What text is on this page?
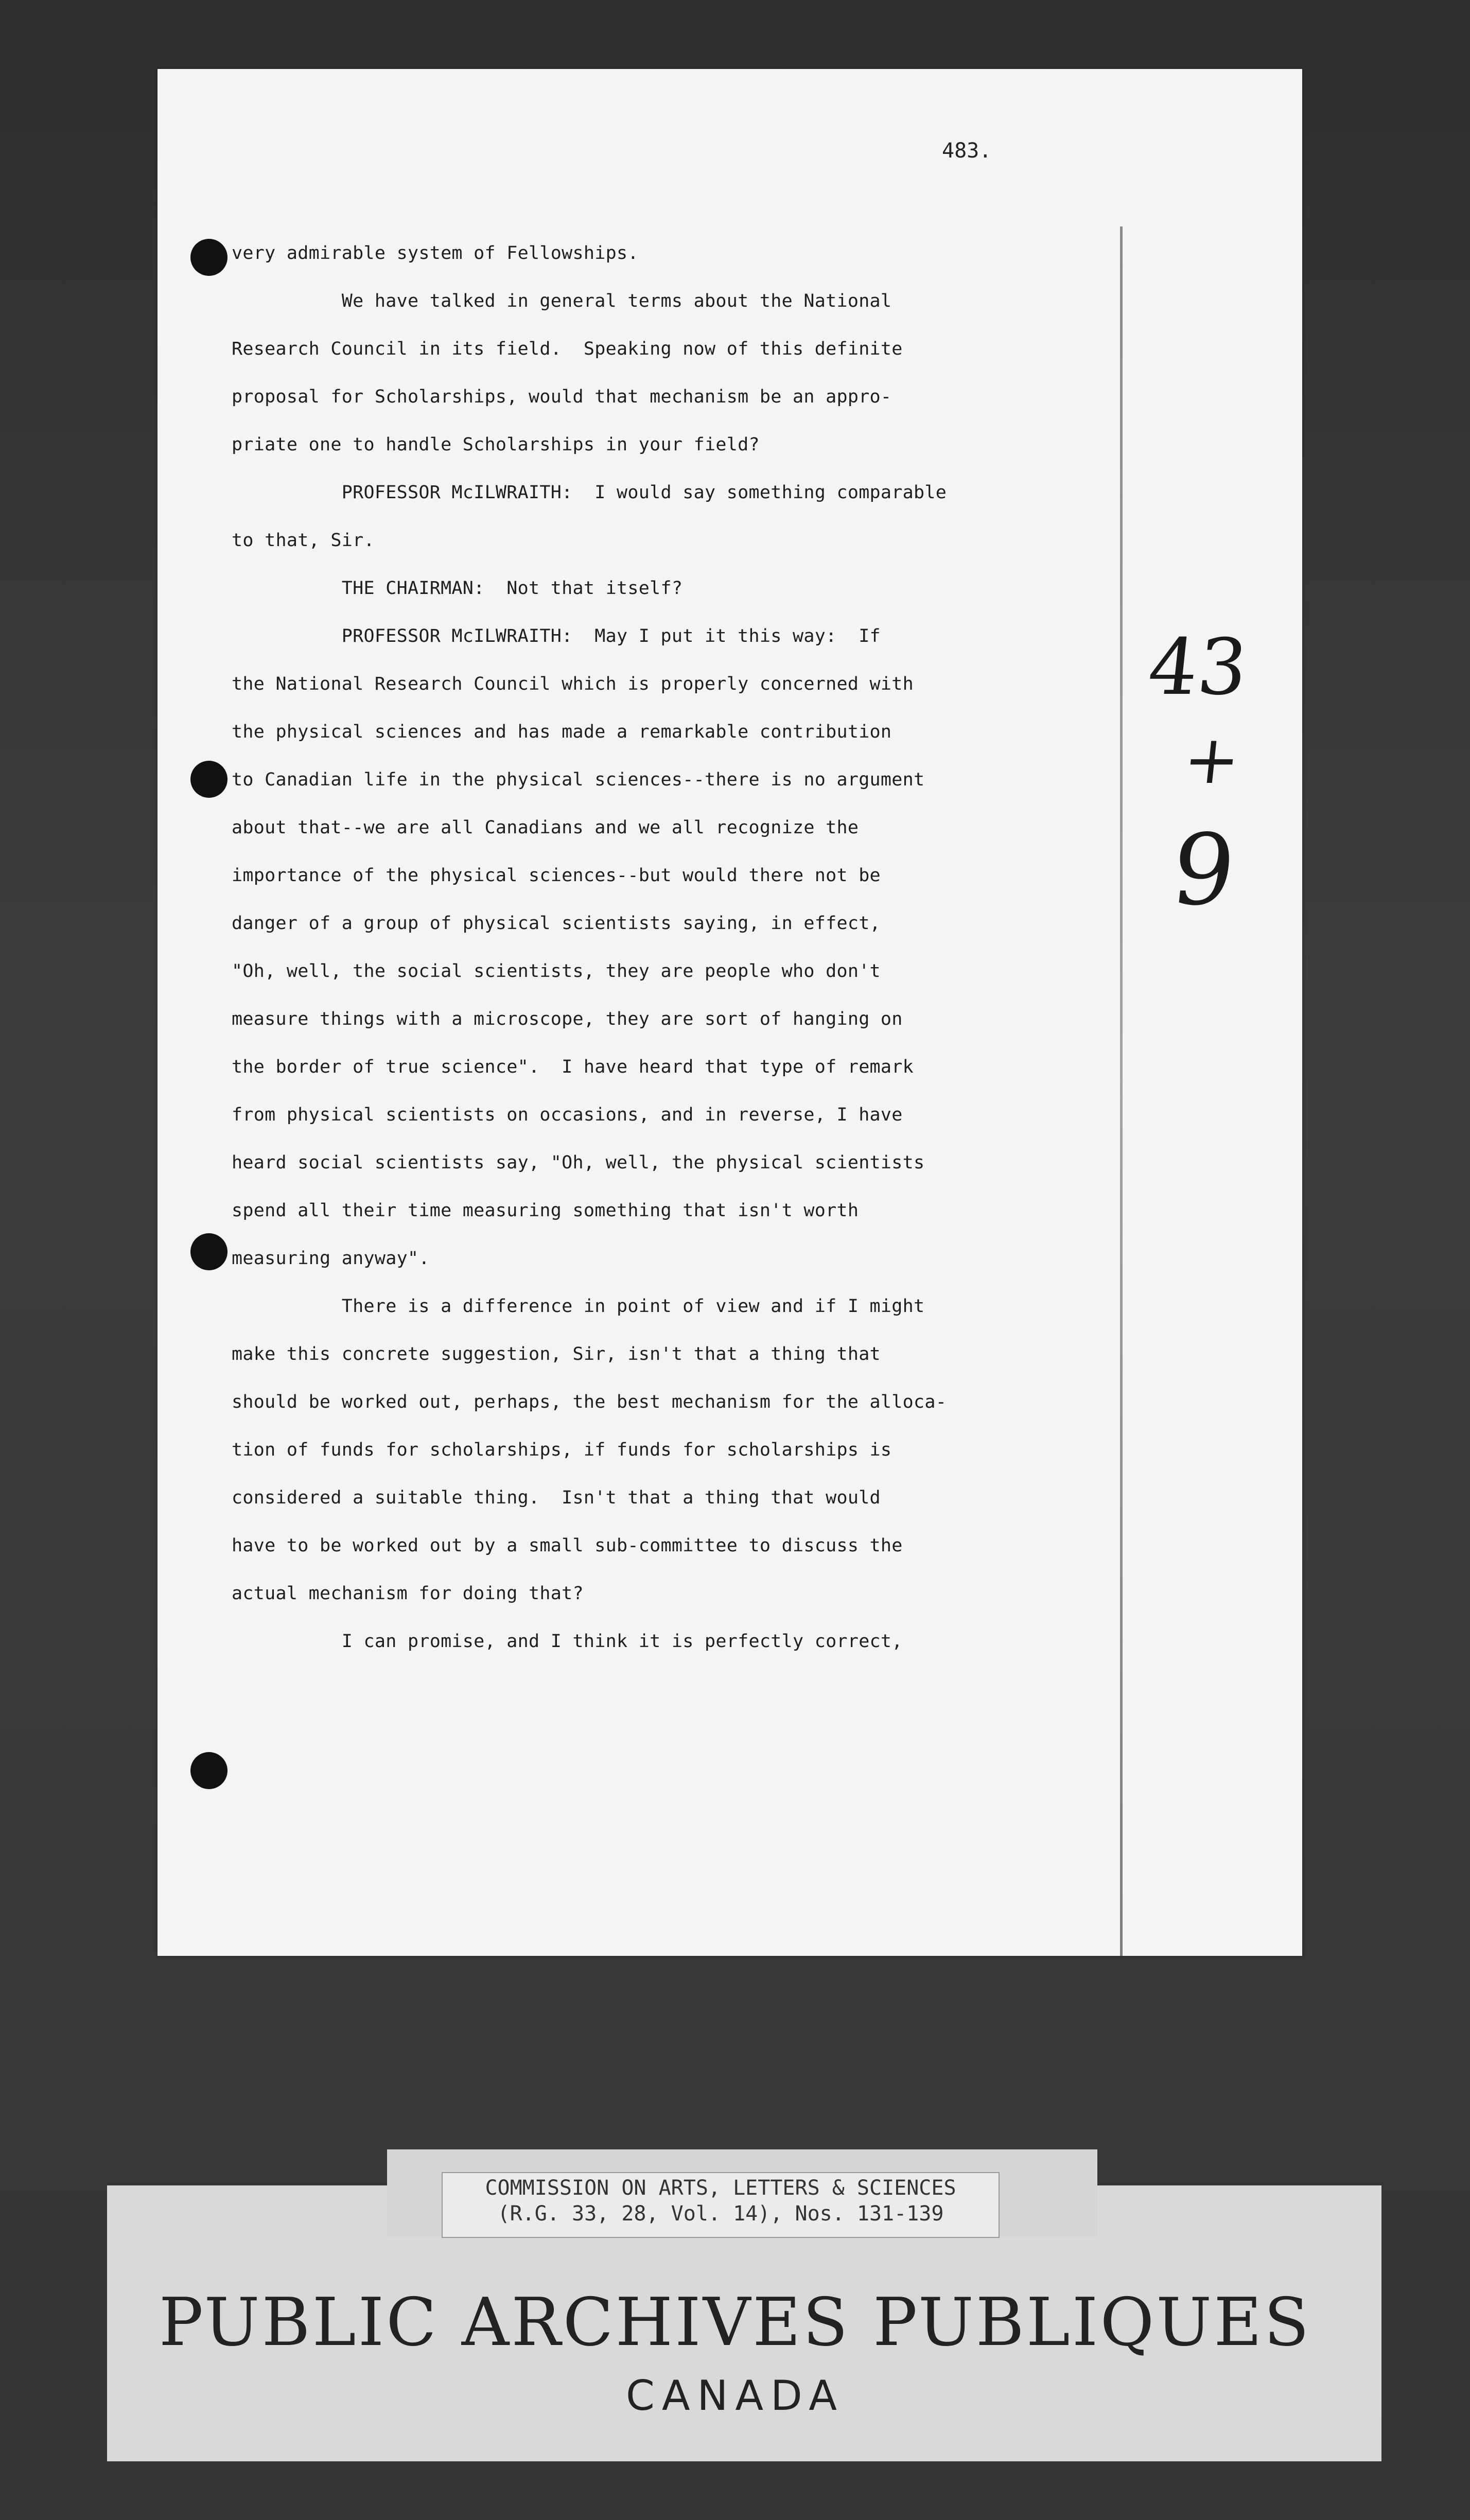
483.
very admirable system of Fellowships.
We have talked in general terms about the National
Research Council in its field.  Speaking now of this definite
proposal for Scholarships, would that mechanism be an appro-
priate one to handle Scholarships in your field?
PROFESSOR McILWRAITH:  I would say something comparable
to that, Sir.
THE CHAIRMAN:  Not that itself?
PROFESSOR McILWRAITH:  May I put it this way:  If
the National Research Council which is properly concerned with
the physical sciences and has made a remarkable contribution
to Canadian life in the physical sciences--there is no argument
about that--we are all Canadians and we all recognize the
importance of the physical sciences--but would there not be
danger of a group of physical scientists saying, in effect,
"Oh, well, the social scientists, they are people who don't
measure things with a microscope, they are sort of hanging on
the border of true science".  I have heard that type of remark
from physical scientists on occasions, and in reverse, I have
heard social scientists say, "Oh, well, the physical scientists
spend all their time measuring something that isn't worth
measuring anyway".
There is a difference in point of view and if I might
make this concrete suggestion, Sir, isn't that a thing that
should be worked out, perhaps, the best mechanism for the alloca-
tion of funds for scholarships, if funds for scholarships is
considered a suitable thing.  Isn't that a thing that would
have to be worked out by a small sub-committee to discuss the
actual mechanism for doing that?
I can promise, and I think it is perfectly correct,
43
+
9
COMMISSION ON ARTS, LETTERS & SCIENCES
(R.G. 33, 28, Vol. 14), Nos. 131-139
PUBLIC ARCHIVES PUBLIQUES
CANADA
